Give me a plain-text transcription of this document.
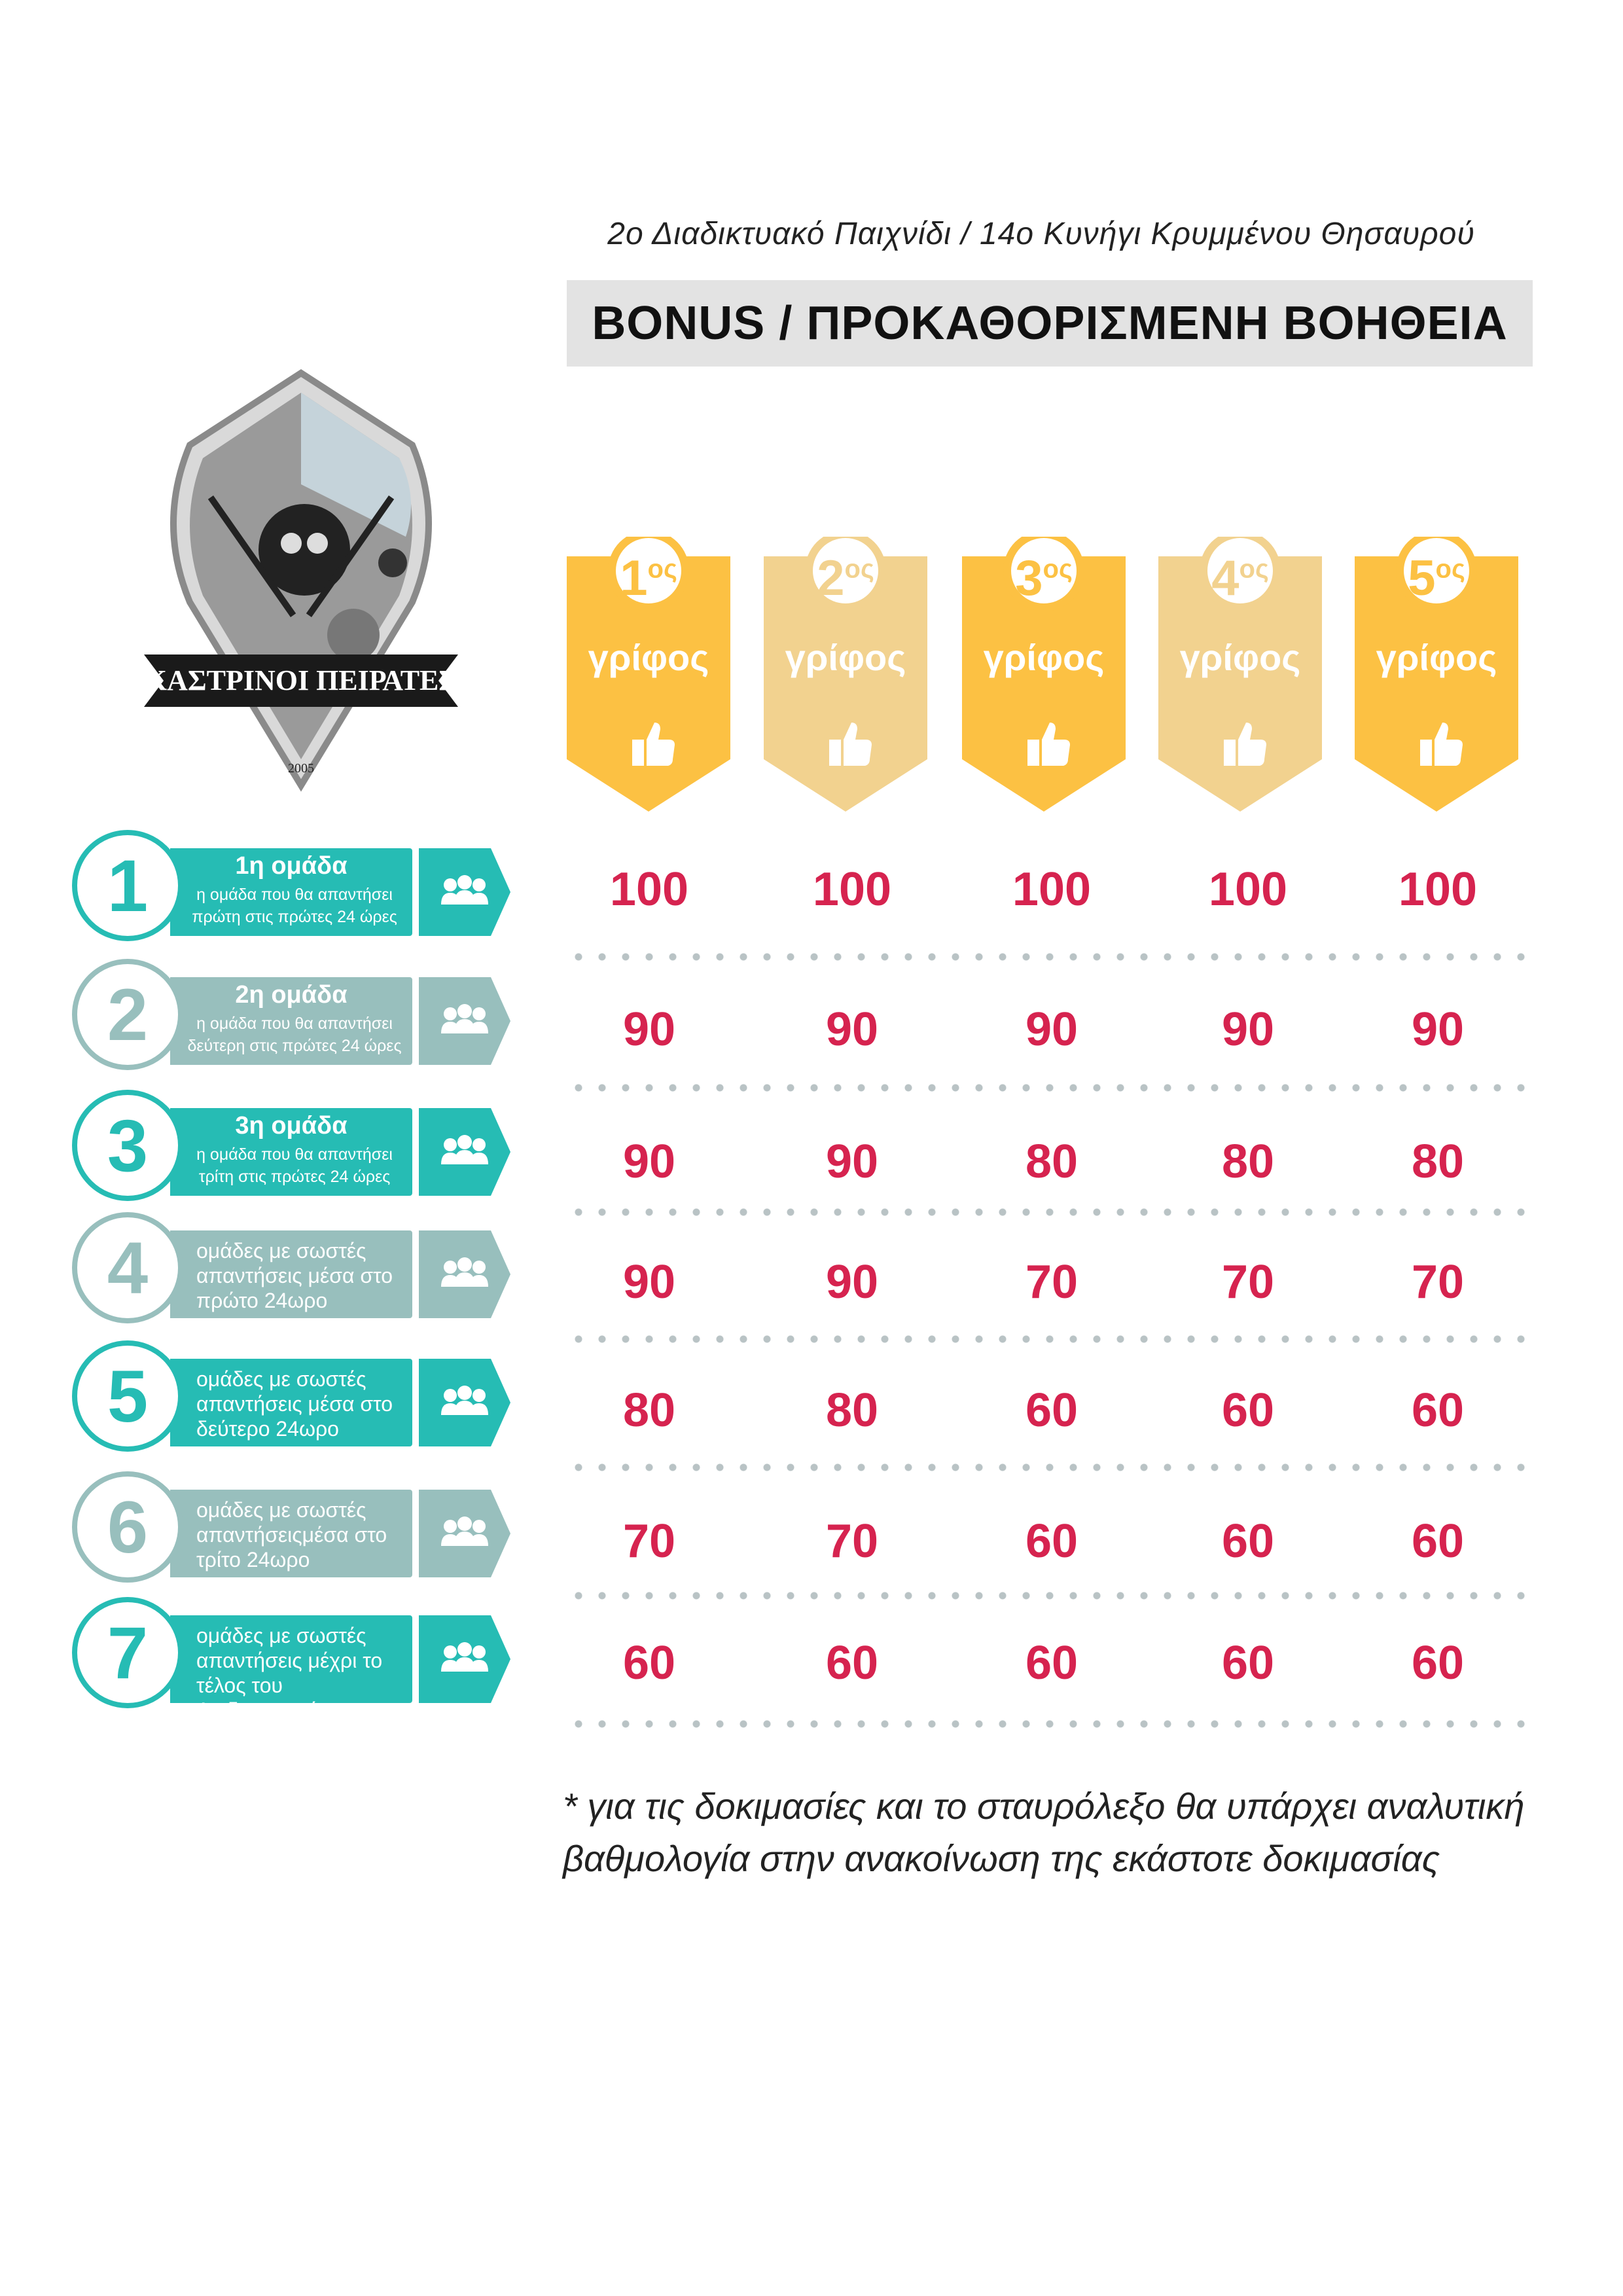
2ο Διαδικτυακό Παιχνίδι / 14ο Κυνήγι Κρυμμένου Θησαυρού
BONUS / ΠΡΟΚΑΘΟΡΙΣΜΕΝΗ ΒΟΗΘΕΙΑ
ΚΑΣΤΡΙΝΟΙ ΠΕΙΡΑΤΕΣ
2005
$1^{o\varsigma}$
γρίφος
$2^{o\varsigma}$
γρίφος
$3^{o\varsigma}$
γρίφος
$4^{o\varsigma}$
γρίφος
$5^{o\varsigma}$
γρίφος
1η ομάδα
η ομάδα που θα απαντήσει
πρώτη στις πρώτες 24 ώρες
1	100	100	100	100	100
2η ομάδα
η ομάδα που θα απαντήσει
δεύτερη στις πρώτες 24 ώρες
2	90	90	90	90	90
3η ομάδα
η ομάδα που θα απαντήσει
τρίτη στις πρώτες 24 ώρες
3	90	90	80	80	80
ομάδες με σωστές
απαντήσεις μέσα στο
πρώτο 24ωρο
4	90	90	70	70	70
ομάδες με σωστές
απαντήσεις μέσα στο
δεύτερο 24ωρο
5	80	80	60	60	60
ομάδες με σωστές
απαντήσειςμέσα στο
τρίτο 24ωρο
6	70	70	60	60	60
ομάδες με σωστές
απαντήσεις μέχρι το
τέλος του Διαδικτυακού
7	60	60	60	60	60
* για τις δοκιμασίες και το σταυρόλεξο θα υπάρχει αναλυτική βαθμολογία στην ανακοίνωση της εκάστοτε δοκιμασίας
